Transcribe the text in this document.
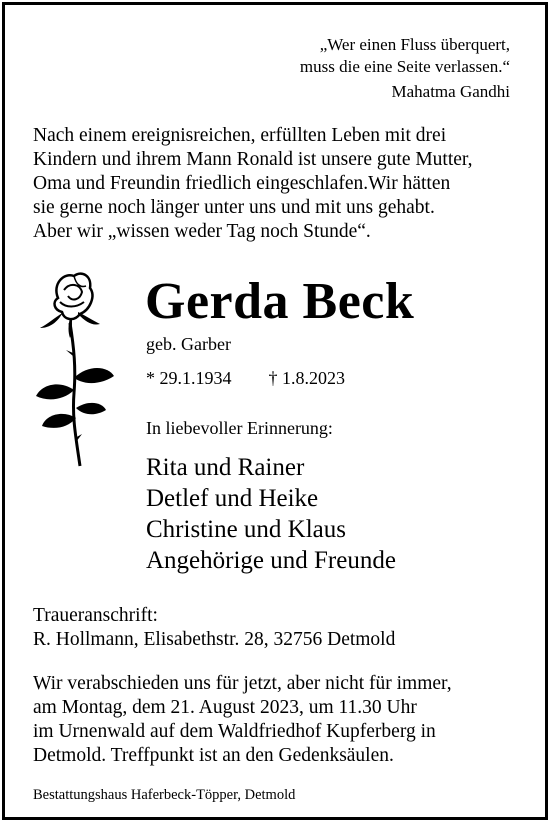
„Wer einen Fluss überquert,
muss die eine Seite verlassen.“
Mahatma Gandhi

Nach einem ereignisreichen, erfüllten Leben mit drei

Kindern und ihrem Mann Ronald ist unsere gute Mutter,

Oma und Freundin friedlich eingeschlafen.Wir hätten

sie gerne noch länger unter uns und mit uns gehabt.

Aber wir „wissen weder Tag noch Stunde“.

Gerda Beck
geb. Garber
* 29.1.1934 † 1.8.2023
In liebevoller Erinnerung:
Rita und Rainer
Detlef und Heike
Christine und Klaus
Angehörige und Freunde
Traueranschrift:
R. Hollmann, Elisabethstr. 28, 32756 Detmold

Wir verabschieden uns für jetzt, aber nicht für immer,

am Montag, dem 21. August 2023, um 11.30 Uhr

im Urnenwald auf dem Waldfriedhof Kupferberg in

Detmold. Treffpunkt ist an den Gedenksäulen.

Bestattungshaus Haferbeck-Töpper, Detmold
